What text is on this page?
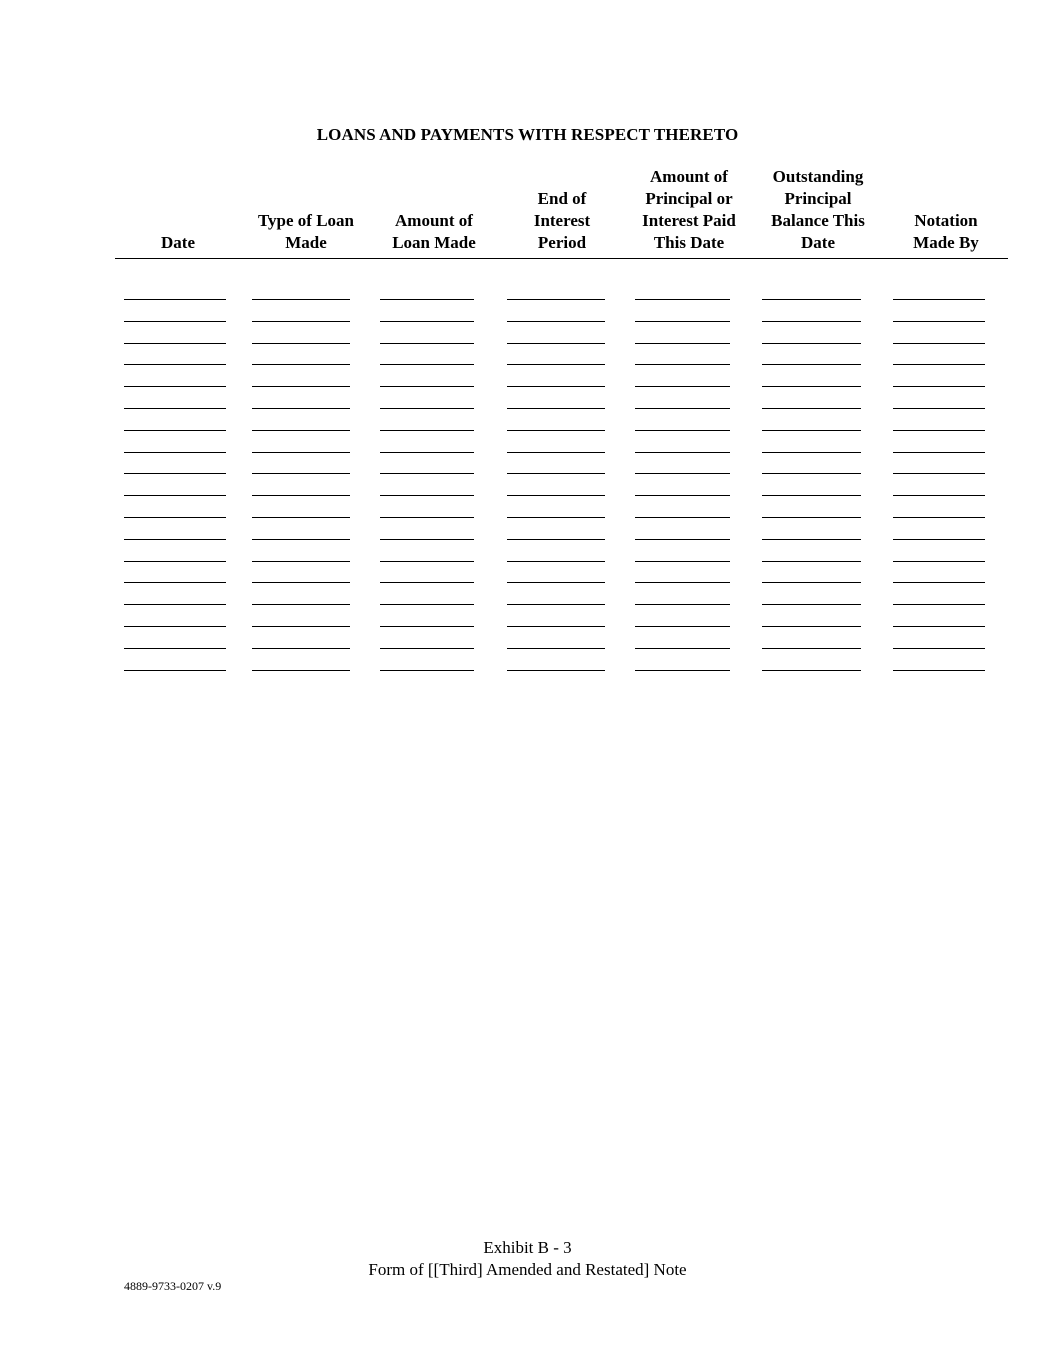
LOANS AND PAYMENTS WITH RESPECT THERETO
Date
Type of Loan
Made
Amount of
Loan Made
End of
Interest
Period
Amount of
Principal or
Interest Paid
This Date
Outstanding
Principal
Balance This
Date
Notation
Made By
Exhibit B - 3
Form of [[Third] Amended and Restated] Note
4889-9733-0207 v.9
